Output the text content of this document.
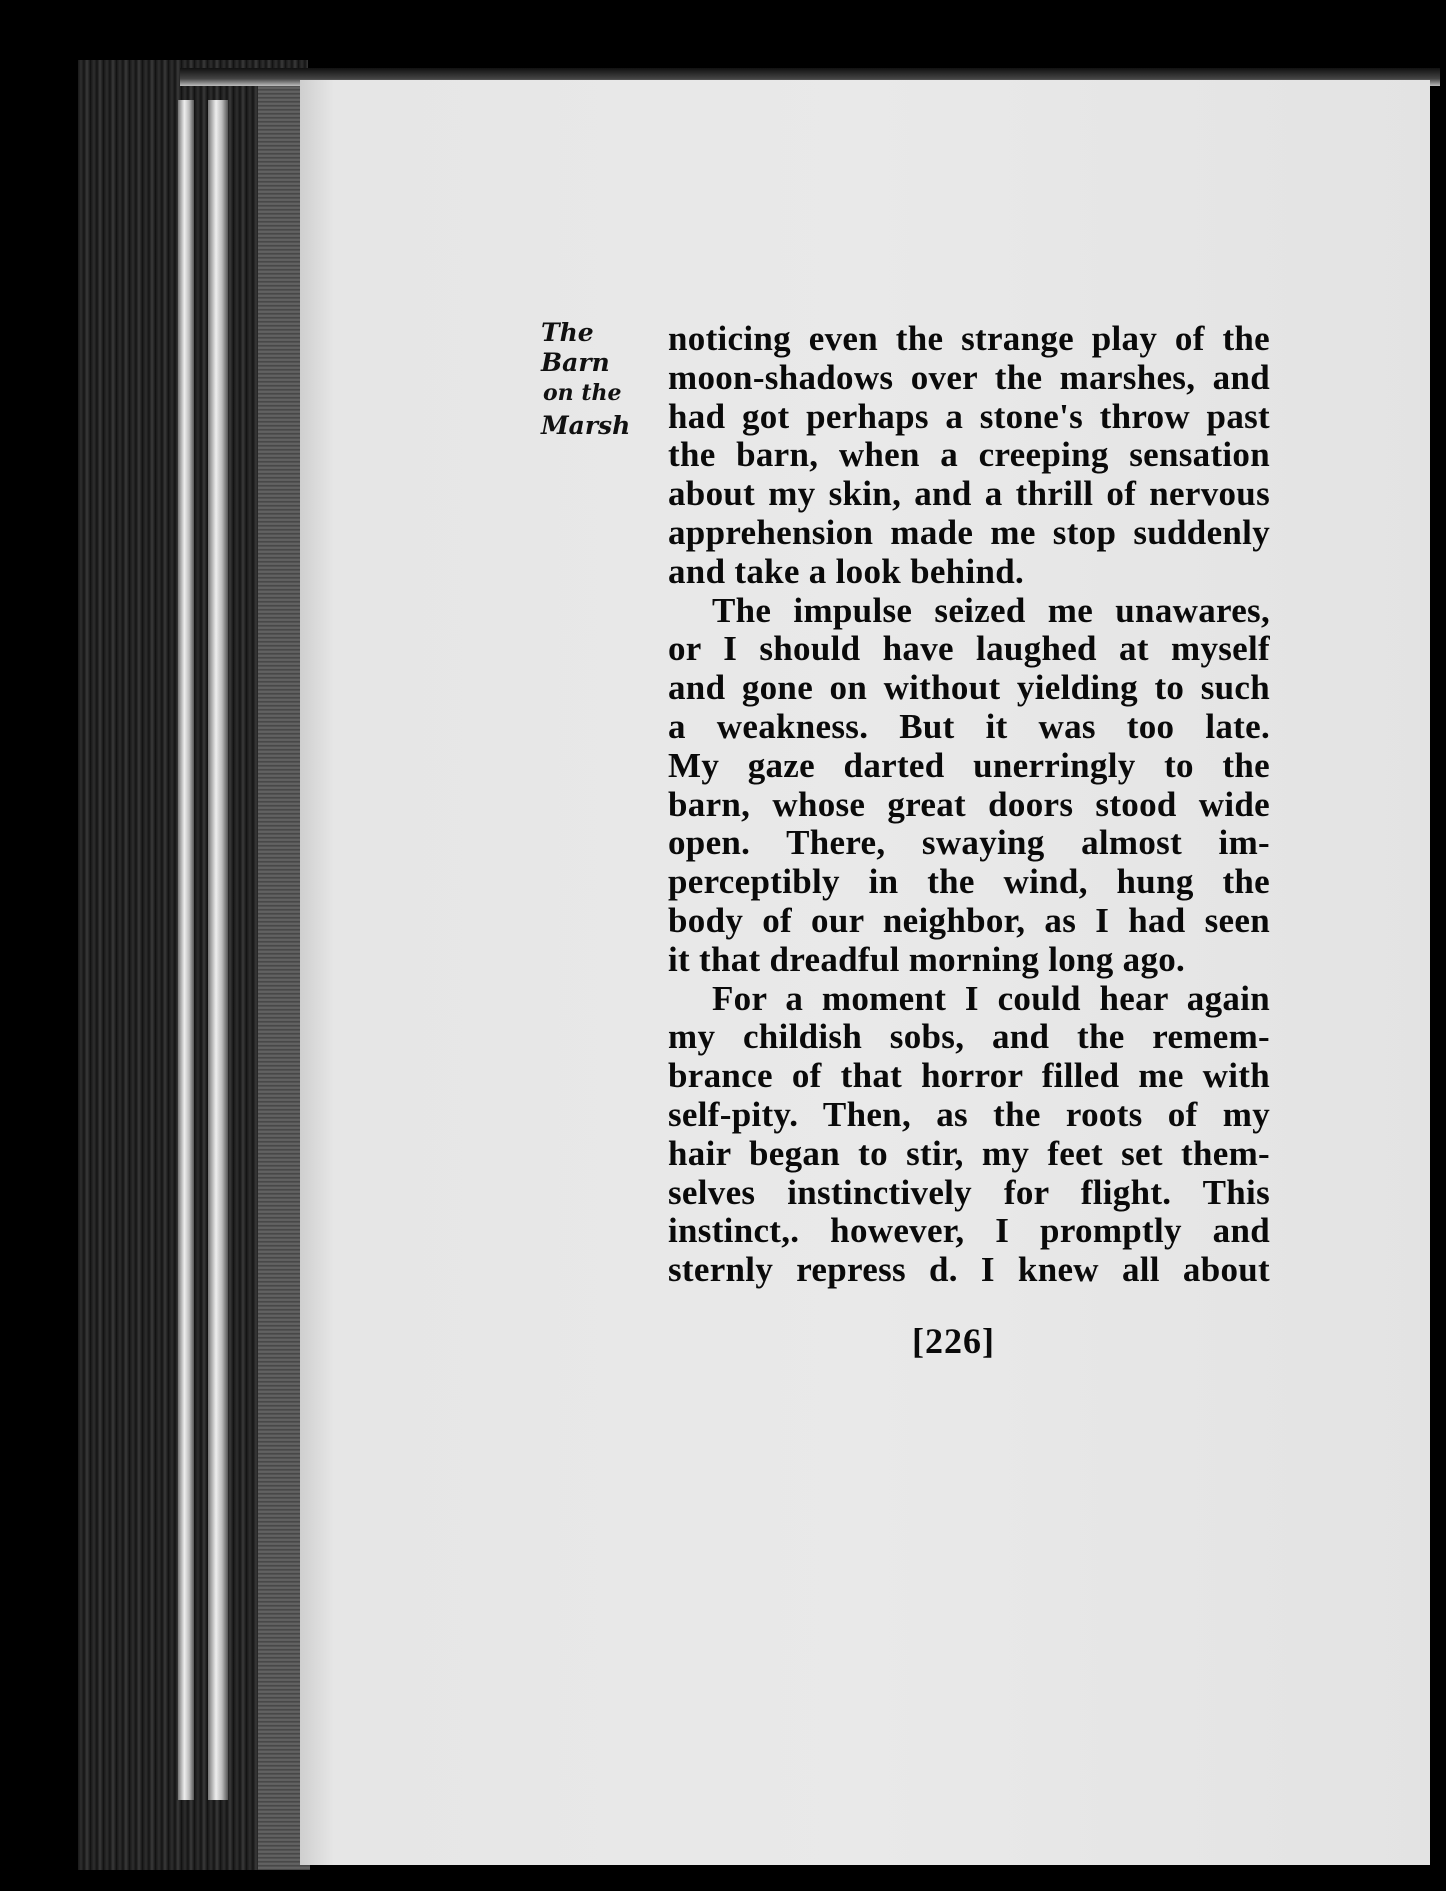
The Barn
on the
Marsh
noticing even the strange play of the
moon-shadows over the marshes, and
had got perhaps a stone's throw past
the barn, when a creeping sensation
about my skin, and a thrill of nervous
apprehension made me stop suddenly
and take a look behind.
The impulse seized me unawares,
or I should have laughed at myself
and gone on without yielding to such
a weakness. But it was too late.
My gaze darted unerringly to the
barn, whose great doors stood wide
open. There, swaying almost im-
perceptibly in the wind, hung the
body of our neighbor, as I had seen
it that dreadful morning long ago.
For a moment I could hear again
my childish sobs, and the remem-
brance of that horror filled me with
self-pity. Then, as the roots of my
hair began to stir, my feet set them-
selves instinctively for flight. This
instinct,. however, I promptly and
sternly repress d. I knew all about
[226]
